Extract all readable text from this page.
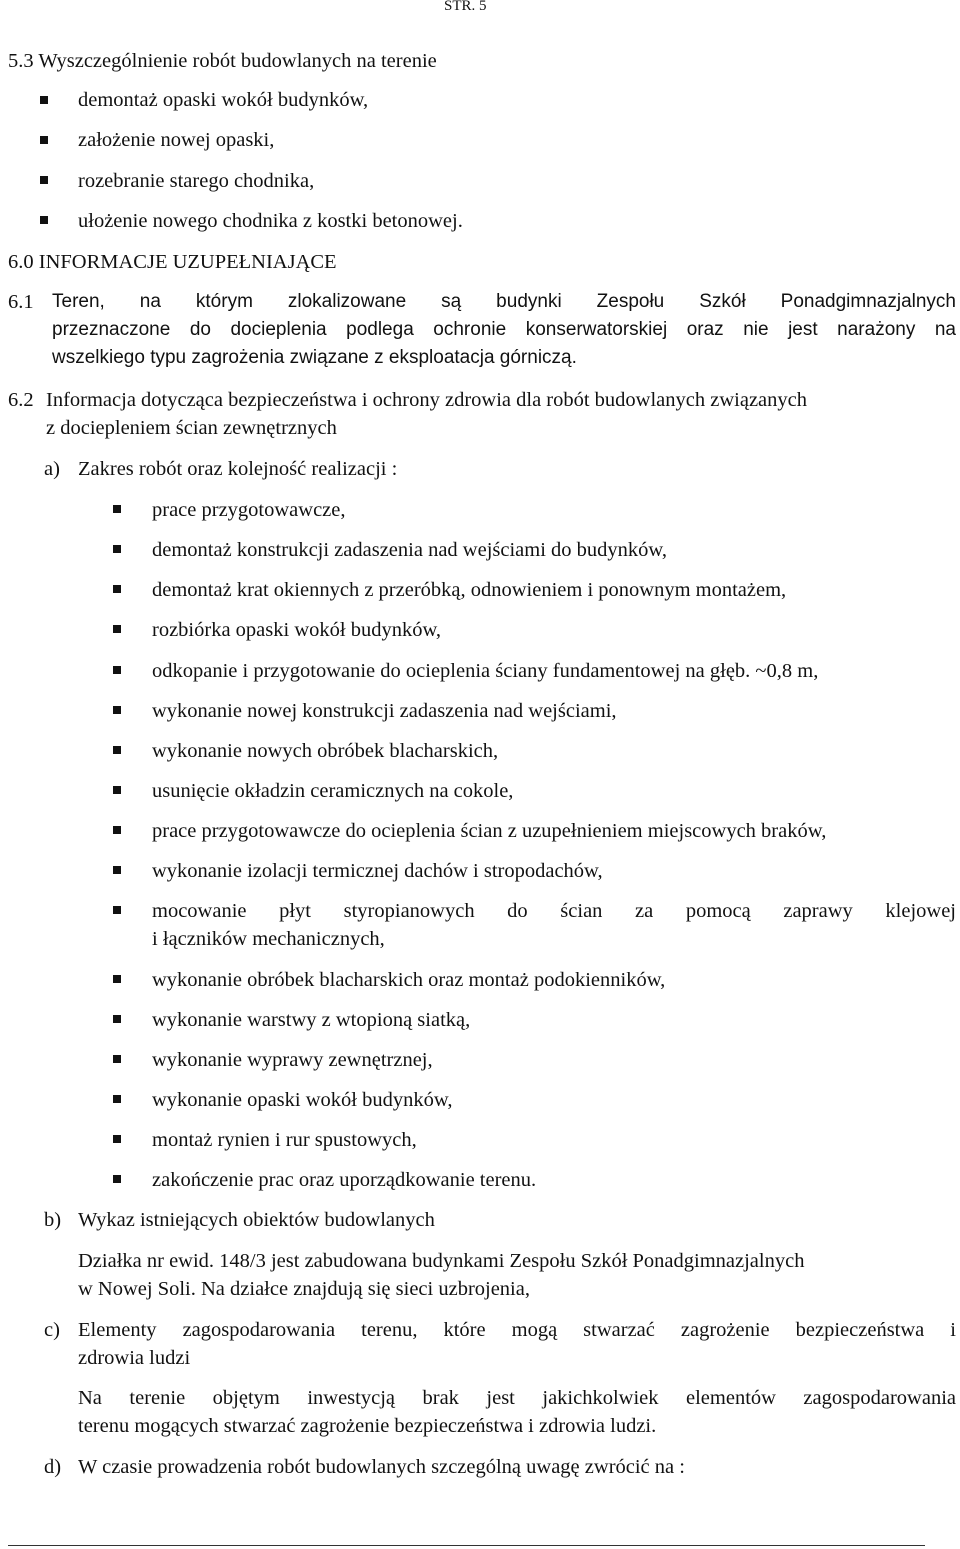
STR. 5
5.3 Wyszczególnienie robót budowlanych na terenie
demontaż opaski wokół budynków,
założenie nowej opaski,
rozebranie starego chodnika,
ułożenie nowego chodnika z kostki betonowej.
6.0 INFORMACJE UZUPEŁNIAJĄCE
6.1 Teren, na którym zlokalizowane są budynki Zespołu Szkół Ponadgimnazjalnych
przeznaczone do docieplenia podlega ochronie konserwatorskiej oraz nie jest narażony na
wszelkiego typu zagrożenia związane z eksploatacja górniczą.
6.2 Informacja dotycząca bezpieczeństwa i ochrony zdrowia dla robót budowlanych związanych
z dociepleniem ścian zewnętrznych
a) Zakres robót oraz kolejność realizacji :
prace przygotowawcze,
demontaż konstrukcji zadaszenia nad wejściami do budynków,
demontaż krat okiennych z przeróbką, odnowieniem i ponownym montażem,
rozbiórka opaski wokół budynków,
odkopanie i przygotowanie do ocieplenia ściany fundamentowej na głęb. ~0,8 m,
wykonanie nowej konstrukcji zadaszenia nad wejściami,
wykonanie nowych obróbek blacharskich,
usunięcie okładzin ceramicznych na cokole,
prace przygotowawcze do ocieplenia ścian z uzupełnieniem miejscowych braków,
wykonanie izolacji termicznej dachów i stropodachów,
mocowanie płyt styropianowych do ścian za pomocą zaprawy klejowej
i łączników mechanicznych,
wykonanie obróbek blacharskich oraz montaż podokienników,
wykonanie warstwy z wtopioną siatką,
wykonanie wyprawy zewnętrznej,
wykonanie opaski wokół budynków,
montaż rynien i rur spustowych,
zakończenie prac oraz uporządkowanie terenu.
b) Wykaz istniejących obiektów budowlanych
Działka nr ewid. 148/3 jest zabudowana budynkami Zespołu Szkół Ponadgimnazjalnych
w Nowej Soli. Na działce znajdują się sieci uzbrojenia,
c) Elementy zagospodarowania terenu, które mogą stwarzać zagrożenie bezpieczeństwa i
zdrowia ludzi
Na terenie objętym inwestycją brak jest jakichkolwiek elementów zagospodarowania
terenu mogących stwarzać zagrożenie bezpieczeństwa i zdrowia ludzi.
d) W czasie prowadzenia robót budowlanych szczególną uwagę zwrócić na :
